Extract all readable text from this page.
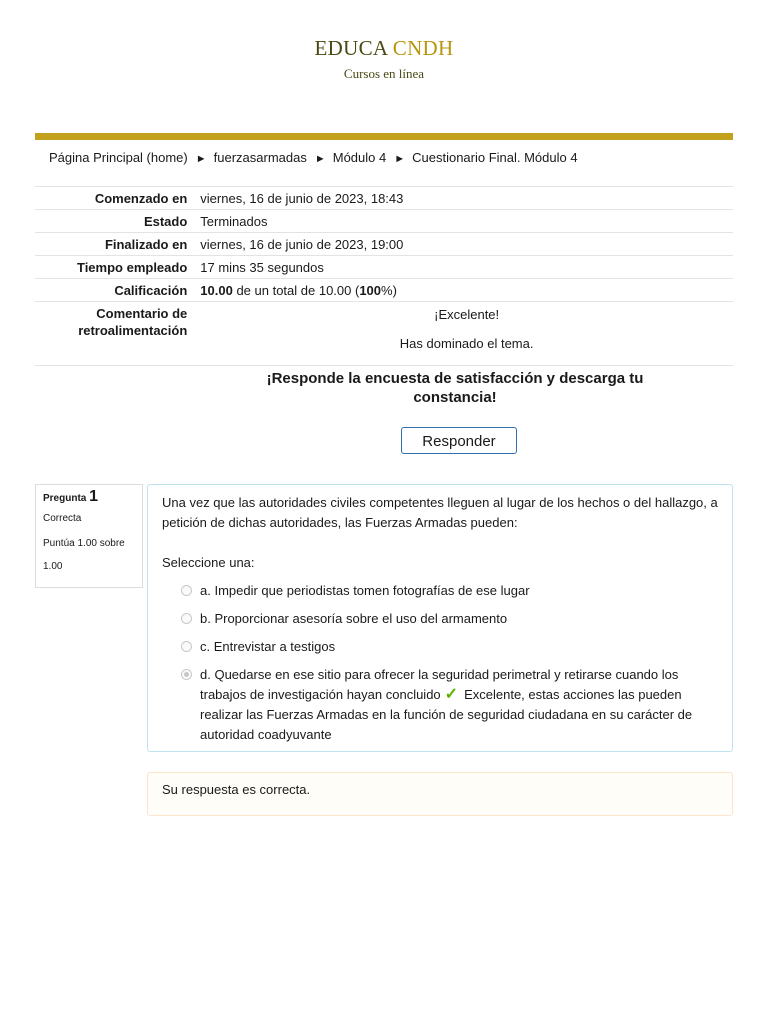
EDUCA CNDH
Cursos en línea
Página Principal (home) ► fuerzasarmadas ► Módulo 4 ► Cuestionario Final. Módulo 4
Comenzado en	viernes, 16 de junio de 2023, 18:43
Estado	Terminados
Finalizado en	viernes, 16 de junio de 2023, 19:00
Tiempo empleado	17 mins 35 segundos
Calificación	10.00 de un total de 10.00 (100%)
Comentario de retroalimentación	¡Excelente!
Has dominado el tema.
¡Responde la encuesta de satisfacción y descarga tu constancia!
Responder
Pregunta 1
Correcta
Puntúa 1.00 sobre 1.00

Una vez que las autoridades civiles competentes lleguen al lugar de los hechos o del hallazgo, a petición de dichas autoridades, las Fuerzas Armadas pueden:

Seleccione una:
a. Impedir que periodistas tomen fotografías de ese lugar
b. Proporcionar asesoría sobre el uso del armamento
c. Entrevistar a testigos
d. Quedarse en ese sitio para ofrecer la seguridad perimetral y retirarse cuando los trabajos de investigación hayan concluido ✓ Excelente, estas acciones las pueden realizar las Fuerzas Armadas en la función de seguridad ciudadana en su carácter de autoridad coadyuvante
Su respuesta es correcta.
